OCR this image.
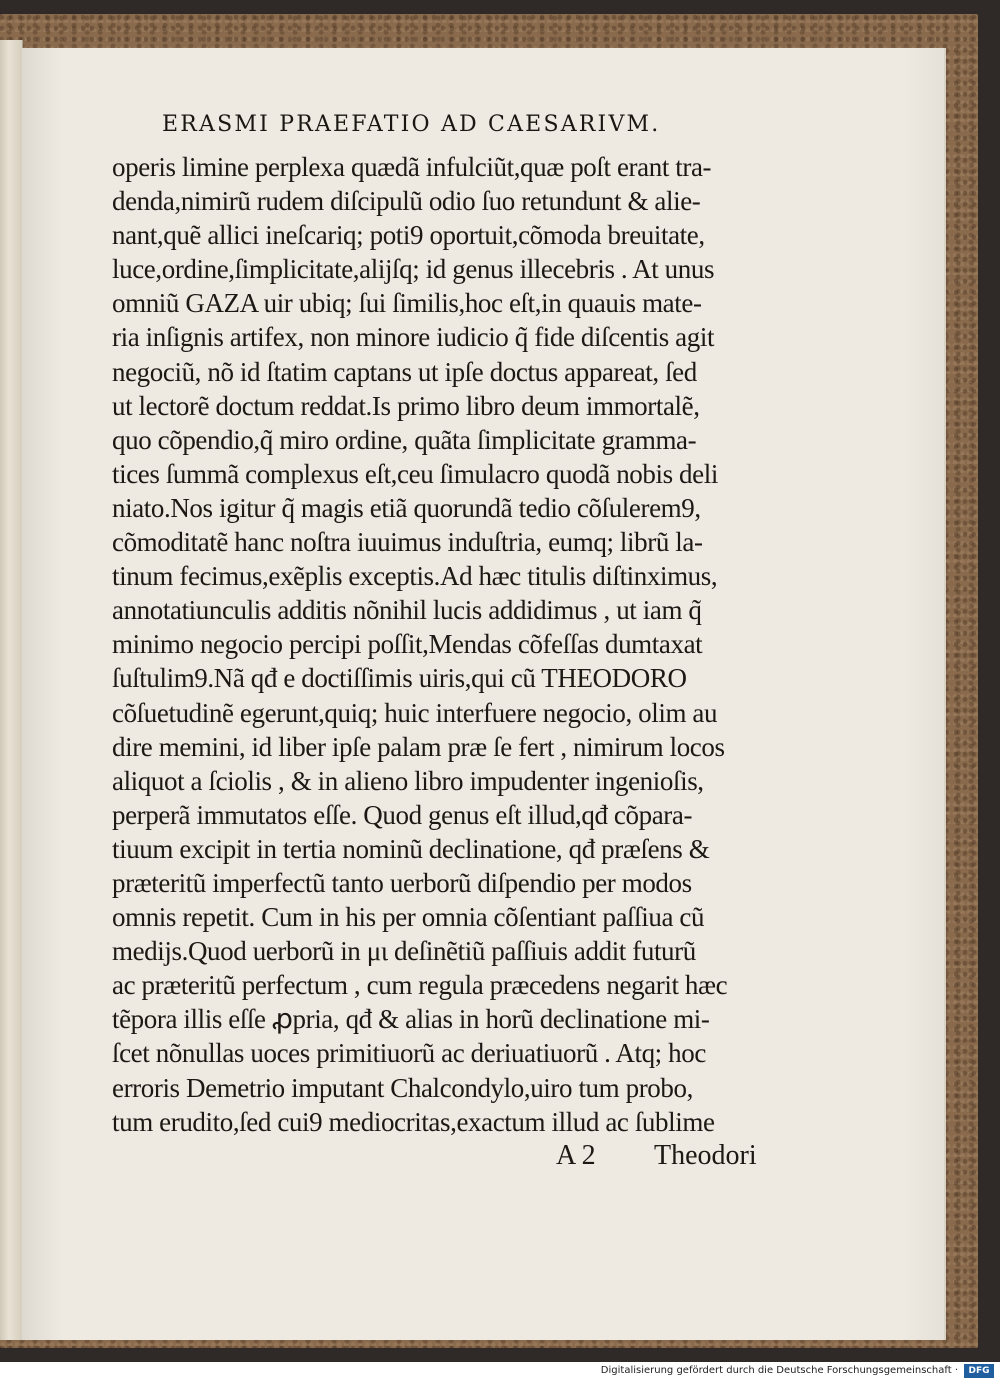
ERASMI PRAEFATIO AD CAESARIVM.
operis limine perplexa quædã infulciũt,quæ poſt erant tra-
denda,nimirũ rudem diſcipulũ odio ſuo retundunt & alie-
nant,quẽ allici ineſcariq; poti9 oportuit,cõmoda breuitate,
luce,ordine,ſimplicitate,alijſq; id genus illecebris . At unus
omniũ GAZA uir ubiq; ſui ſimilis,hoc eſt,in quauis mate-
ria inſignis artifex, non minore iudicio q̃ fide diſcentis agit
negociũ, nõ id ſtatim captans ut ipſe doctus appareat, ſed
ut lectorẽ doctum reddat.Is primo libro deum immortalẽ,
quo cõpendio,q̃ miro ordine, quãta ſimplicitate gramma-
tices ſummã complexus eſt,ceu ſimulacro quodã nobis deli
niato.Nos igitur q̃ magis etiã quorundã tedio cõſulerem9,
cõmoditatẽ hanc noſtra iuuimus induſtria, eumq; librũ la-
tinum fecimus,exẽplis exceptis.Ad hæc titulis diſtinximus,
annotatiunculis additis nõnihil lucis addidimus , ut iam q̃
minimo negocio percipi poſſit,Mendas cõfeſſas dumtaxat
ſuſtulim9.Nã qđ e doctiſſimis uiris,qui cũ THEODORO
cõſuetudinẽ egerunt,quiq; huic interfuere negocio, olim au
dire memini, id liber ipſe palam præ ſe fert , nimirum locos
aliquot a ſciolis , & in alieno libro impudenter ingenioſis,
perperã immutatos eſſe. Quod genus eſt illud,qđ cõpara-
tiuum excipit in tertia nominũ declinatione, qđ præſens &
præteritũ imperfectũ tanto uerborũ diſpendio per modos
omnis repetit. Cum in his per omnia cõſentiant paſſiua cũ
medijs.Quod uerborũ in μι deſinẽtiũ paſſiuis addit futurũ
ac præteritũ perfectum , cum regula præcedens negarit hæc
tẽpora illis eſſe ꝓpria, qđ & alias in horũ declinatione mi-
ſcet nõnullas uoces primitiuorũ ac deriuatiuorũ . Atq; hoc
erroris Demetrio imputant Chalcondylo,uiro tum probo,
tum erudito,ſed cui9 mediocritas,exactum illud ac ſublime
A 2 Theodori
Digitalisierung gefördert durch die Deutsche Forschungsgemeinschaft ·	DFG
